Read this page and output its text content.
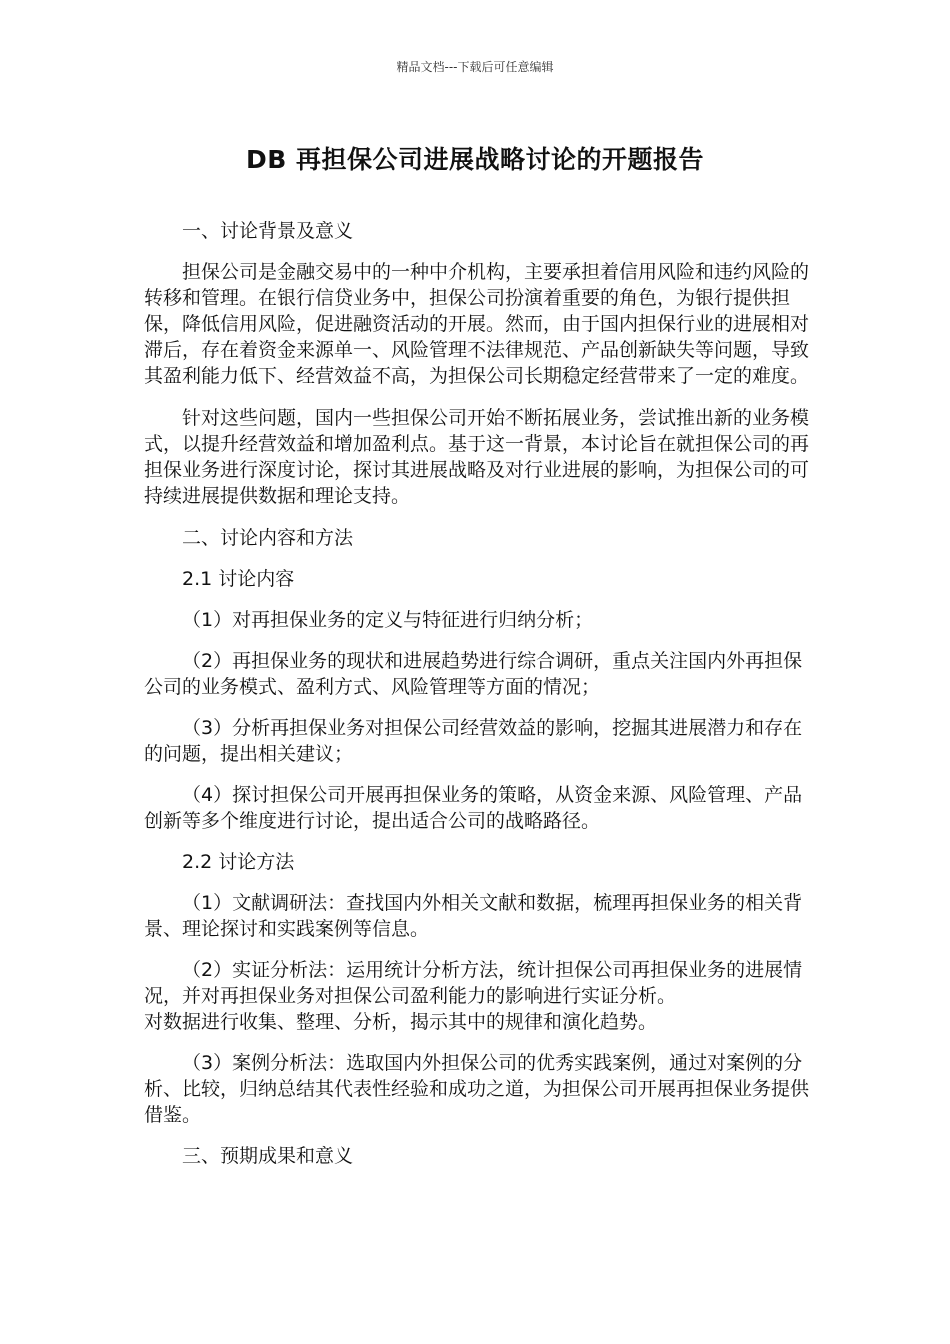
精品文档---下载后可任意编辑
DB 再担保公司进展战略讨论的开题报告

一、讨论背景及意义

担保公司是金融交易中的一种中介机构，主要承担着信用风险和违约风险的转移和管理。在银行信贷业务中，担保公司扮演着重要的角色，为银行提供担保，降低信用风险，促进融资活动的开展。然而，由于国内担保行业的进展相对滞后，存在着资金来源单一、风险管理不法律规范、产品创新缺失等问题，导致其盈利能力低下、经营效益不高，为担保公司长期稳定经营带来了一定的难度。

针对这些问题，国内一些担保公司开始不断拓展业务，尝试推出新的业务模式，以提升经营效益和增加盈利点。基于这一背景，本讨论旨在就担保公司的再担保业务进行深度讨论，探讨其进展战略及对行业进展的影响，为担保公司的可持续进展提供数据和理论支持。

二、讨论内容和方法

2.1 讨论内容

（1）对再担保业务的定义与特征进行归纳分析；

（2）再担保业务的现状和进展趋势进行综合调研，重点关注国内外再担保公司的业务模式、盈利方式、风险管理等方面的情况；

（3）分析再担保业务对担保公司经营效益的影响，挖掘其进展潜力和存在的问题，提出相关建议；

（4）探讨担保公司开展再担保业务的策略，从资金来源、风险管理、产品创新等多个维度进行讨论，提出适合公司的战略路径。

2.2 讨论方法

（1）文献调研法：查找国内外相关文献和数据，梳理再担保业务的相关背景、理论探讨和实践案例等信息。

（2）实证分析法：运用统计分析方法，统计担保公司再担保业务的进展情况，并对再担保业务对担保公司盈利能力的影响进行实证分析。

对数据进行收集、整理、分析，揭示其中的规律和演化趋势。

（3）案例分析法：选取国内外担保公司的优秀实践案例，通过对案例的分析、比较，归纳总结其代表性经验和成功之道，为担保公司开展再担保业务提供借鉴。

三、预期成果和意义
